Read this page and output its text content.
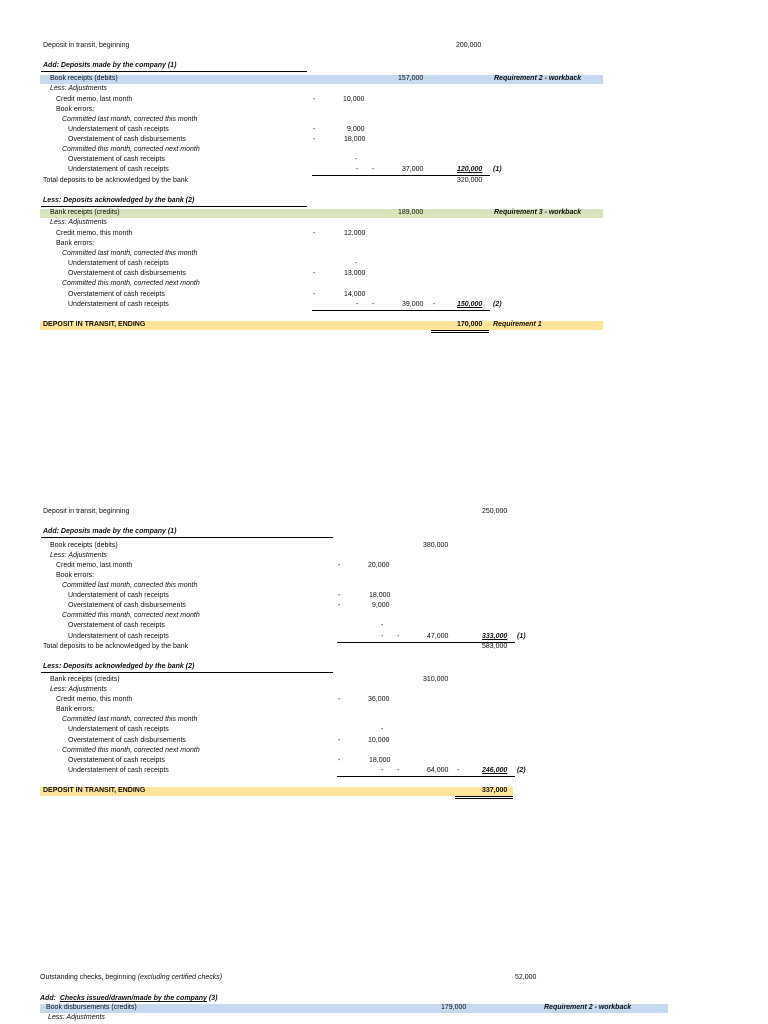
Deposit in transit, beginning	200,000
Add: Deposits made by the company (1)
Book receipts (debits)	157,000	Requirement 2 - workback
Less: Adjustments
Credit memo, last month	-	10,000
Book errors:
Committed last month, corrected this month
Understatement of cash receipts	-	9,000
Overstatement of cash disbursements	-	18,000
Committed this month, corrected next month
Overstatement of cash receipts	-
Understatement of cash receipts	- -	37,000	120,000 (1)
Total deposits to be acknowledged by the bank	320,000
Less: Deposits acknowledged by the bank (2)
Bank receipts (credits)	189,000	Requirement 3 - workback
Less: Adjustments
Credit memo, this month	-	12,000
Bank errors:
Committed last month, corrected this month
Understatement of cash receipts	-
Overstatement of cash disbursements	-	13,000
Committed this month, corrected next month
Overstatement of cash receipts	-	14,000
Understatement of cash receipts	- -	39,000 -	150,000 (2)
DEPOSIT IN TRANSIT, ENDING	170,000 Requirement 1
Deposit in transit, beginning	250,000
Add: Deposits made by the company (1)
Book receipts (debits)	380,000
Less: Adjustments
Credit memo, last month	-	20,000
Book errors:
Committed last month, corrected this month
Understatement of cash receipts	-	18,000
Overstatement of cash disbursements	-	9,000
Committed this month, corrected next month
Overstatement of cash receipts	-
Understatement of cash receipts	- -	47,000	333,000 (1)
Total deposits to be acknowledged by the bank	583,000
Less: Deposits acknowledged by the bank (2)
Bank receipts (credits)	310,000
Less: Adjustments
Credit memo, this month	-	36,000
Bank errors:
Committed last month, corrected this month
Understatement of cash receipts	-
Overstatement of cash disbursements	-	10,000
Committed this month, corrected next month
Overstatement of cash receipts	-	18,000
Understatement of cash receipts	- -	64,000 -	246,000 (2)
DEPOSIT IN TRANSIT, ENDING	337,000
Outstanding checks, beginning (excluding certified checks)	52,000
Add: Checks issued/drawn/made by the company (3)
Book disbursements (credits)	179,000	Requirement 2 - workback
Less: Adjustments
